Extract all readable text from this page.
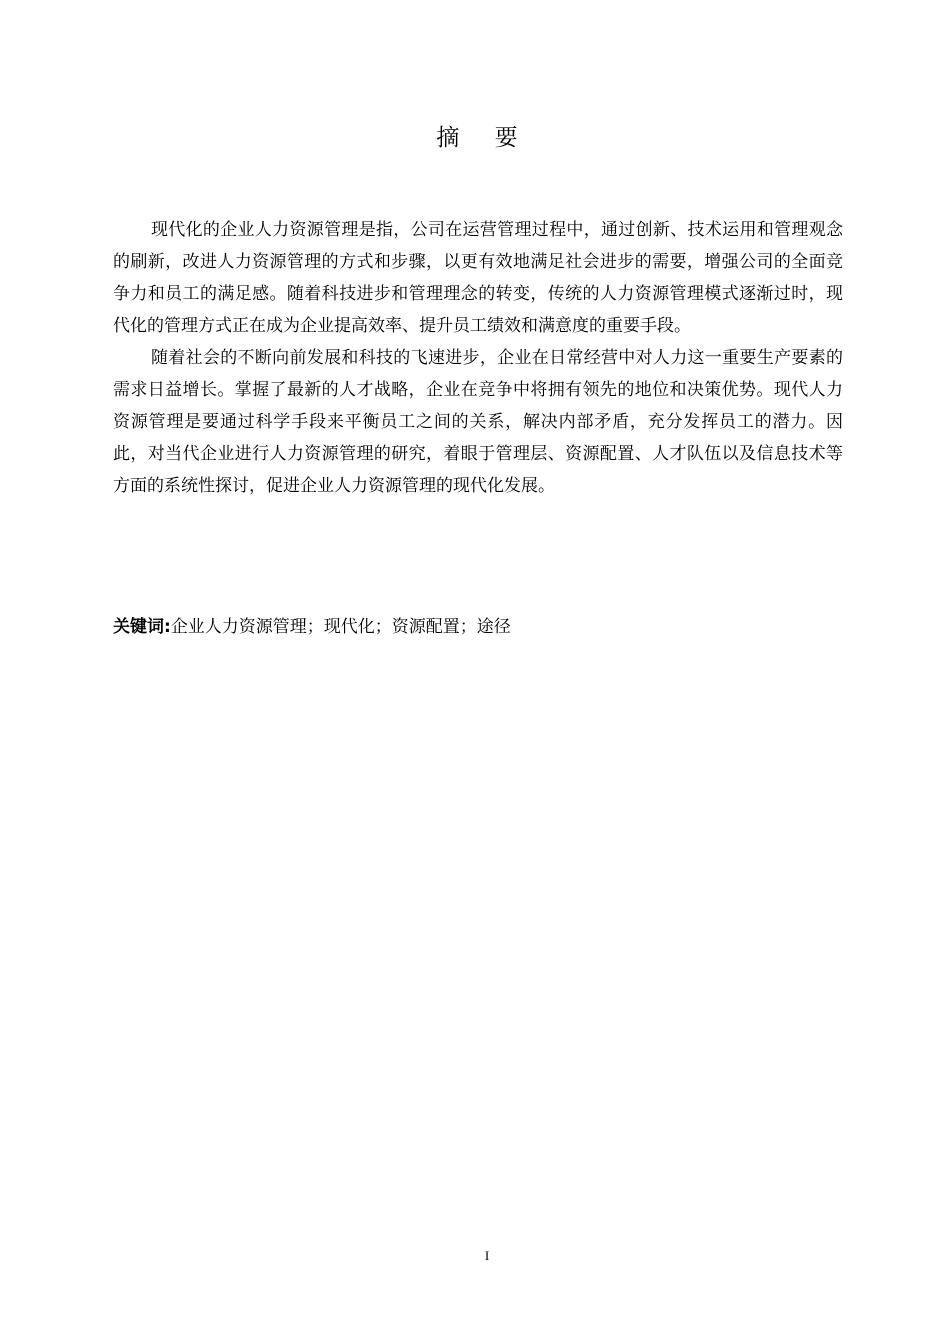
摘 要

现代化的企业人力资源管理是指，公司在运营管理过程中，通过创新、技术运用和管理观念的刷新，改进人力资源管理的方式和步骤，以更有效地满足社会进步的需要，增强公司的全面竞争力和员工的满足感。随着科技进步和管理理念的转变，传统的人力资源管理模式逐渐过时，现代化的管理方式正在成为企业提高效率、提升员工绩效和满意度的重要手段。

随着社会的不断向前发展和科技的飞速进步，企业在日常经营中对人力这一重要生产要素的需求日益增长。掌握了最新的人才战略，企业在竞争中将拥有领先的地位和决策优势。现代人力资源管理是要通过科学手段来平衡员工之间的关系，解决内部矛盾，充分发挥员工的潜力。因此，对当代企业进行人力资源管理的研究，着眼于管理层、资源配置、人才队伍以及信息技术等方面的系统性探讨，促进企业人力资源管理的现代化发展。

关键词:企业人力资源管理；现代化；资源配置；途径
I
